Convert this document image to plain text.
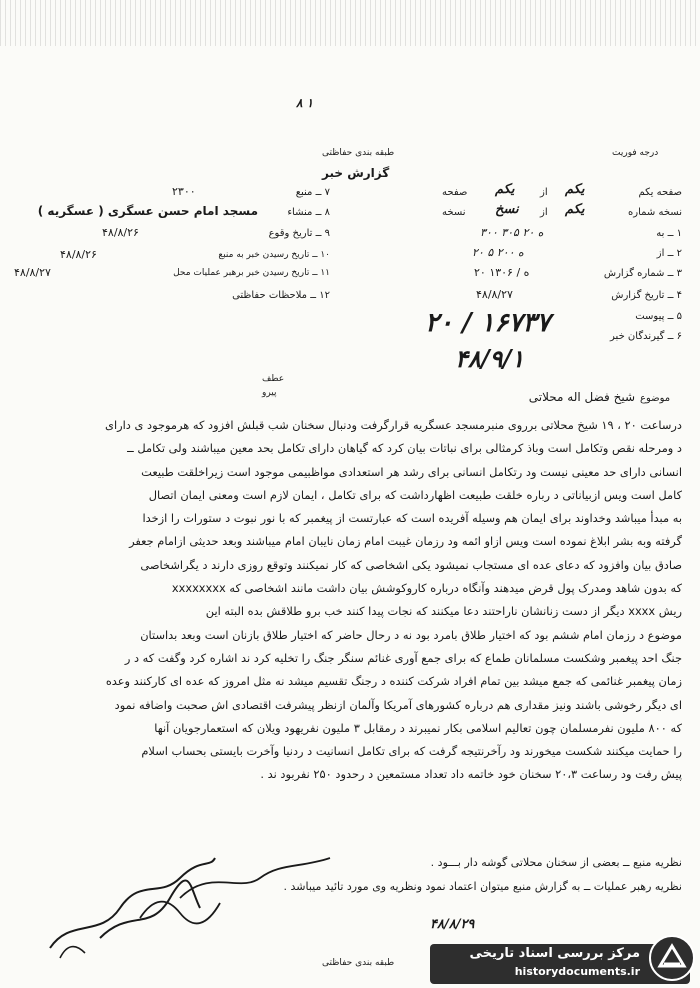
۸ ۱
درجه فوریت
طبقه بندی حفاظتی
گزارش خبر
صفحه یکم
یکم
از
یکم
صفحه
نسخه شماره
یکم
از
نسخ
نسخه
۱ ــ به
۳۰۰ ه ۲۰ ۳۰۵
۲ ــ از
۲۰ ه ۲۰۰ ۵
۳ ــ شماره گزارش
۲۰ ه / ۱۳۰۶
۴ ــ تاریخ گزارش
۴۸/۸/۲۷
۵ ــ پیوست
۶ ــ گیرندگان خبر
۷ ــ منبع
۲۳۰۰
۸ ــ منشاء
مسجد امام حسن عسگری ( عسگریه )
۹ ــ تاریخ وقوع
۴۸/۸/۲۶
۱۰ ــ تاریخ رسیدن خبر به منبع
۴۸/۸/۲۶
۱۱ ــ تاریخ رسیدن خبر برهبر عملیات محل
۴۸/۸/۲۷
۱۲ ــ ملاحظات حفاظتی
۲۰ / ۱۶۷۳۷
۴۸/۹/۱
عطف
پیرو	موضوع
شیخ فضل اله محلاتی
درساعت ۲۰ ، ۱۹ شیخ محلاتی برروی منبرمسجد عسگریه قرارگرفت ودنبال سخنان شب قبلش افزود که هرموجود ی دارای
د ومرحله نقص وتکامل است وباذ کرمثالی برای نباتات بیان کرد که گیاهان دارای تکامل بحد معین میباشند ولی تکامل ــ
انسانی دارای حد معینی نیست ود رتکامل انسانی برای رشد هر استعدادی مواظبیمی موجود است زیراخلقت طبیعت
کامل است ویس ازبیاناتی د رباره خلقت طبیعت اظهارداشت که برای تکامل ، ایمان لازم است ومعنی ایمان اتصال
به مبدأ میباشد وخداوند برای ایمان هم وسیله آفریده است که عبارتست از پیغمبر که با نور نبوت د ستورات را ازخدا
گرفته وبه بشر ابلاغ نموده است ویس ازاو ائمه ود رزمان غیبت امام زمان نایبان امام میباشند وبعد حدیثی ازامام جعفر
صادق بیان وافزود که دعای عده ای مستجاب نمیشود یکی اشخاصی که کار نمیکنند وتوقع روزی دارند د یگراشخاصی
که بدون شاهد ومدرک پول قرض میدهند وآنگاه درباره کاروکوشش بیان داشت مانند اشخاصی که xxxxxxxx
ریش xxxx دیگر از دست زنانشان ناراحتند دعا میکنند که نجات پیدا کنند خب برو طلاقش بده البته این
موضوع د رزمان امام ششم بود که اختیار طلاق بامرد بود نه د رحال حاضر که اختیار طلاق بازنان است وبعد بداستان
جنگ احد پیغمبر وشکست مسلمانان طماع که برای جمع آوری غنائم سنگر جنگ را تخلیه کرد ند اشاره کرد وگفت که د ر
زمان پیغمبر غنائمی که جمع میشد بین تمام افراد شرکت کننده د رجنگ تقسیم میشد نه مثل امروز که عده ای کارکنند وعده
ای دیگر رخوشی باشند ونیز مقداری هم درباره کشورهای آمریکا وآلمان ازنظر پیشرفت اقتصادی اش صحبت واضافه نمود
که ۸۰۰ ملیون نفرمسلمان چون تعالیم اسلامی بکار نمیبرند د رمقابل ۳ ملیون نفریهود ویلان که استعمارجویان آنها
را حمایت میکنند شکست میخورند ود رآخرنتیجه گرفت که برای تکامل انسانیت د ردنیا وآخرت بایستی بحساب اسلام
پیش رفت ود رساعت ۲۰،۳ سخنان خود خاتمه داد تعداد مستمعین د رحدود ۲۵۰ نفربود ند .
نظریه منبع ــ بعضی از سخنان محلاتی گوشه دار بـــود .
نظریه رهبر عملیات ــ به گزارش منبع میتوان اعتماد نمود ونظریه وی مورد تائید میباشد .
۴۸/۸/۲۹
طبقه بندی حفاظتی
مرکز بررسی اسناد تاریخی
historydocuments.ir
